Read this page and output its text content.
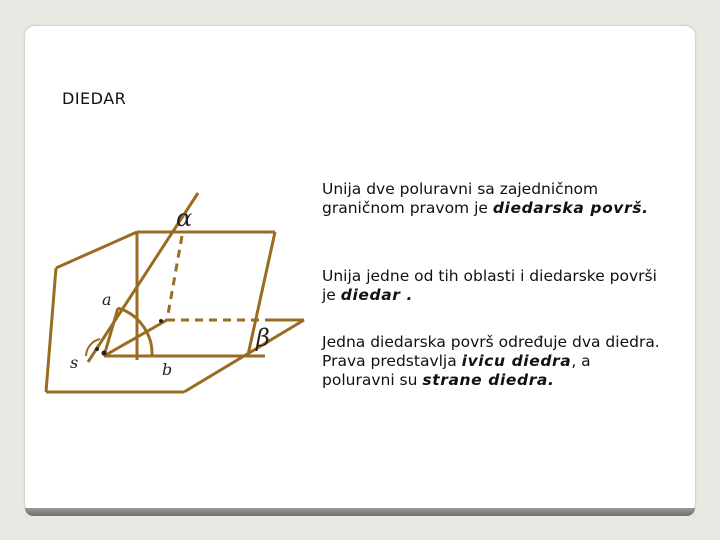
DIEDAR
α
β
a
s	b
Unija dve poluravni sa zajedničnom graničnom pravom je diedarska površ.
Unija jedne od tih oblasti i diedarske površi je diedar .
Jedna diedarska površ određuje dva diedra. Prava predstavlja ivicu diedra, a poluravni su strane diedra.
